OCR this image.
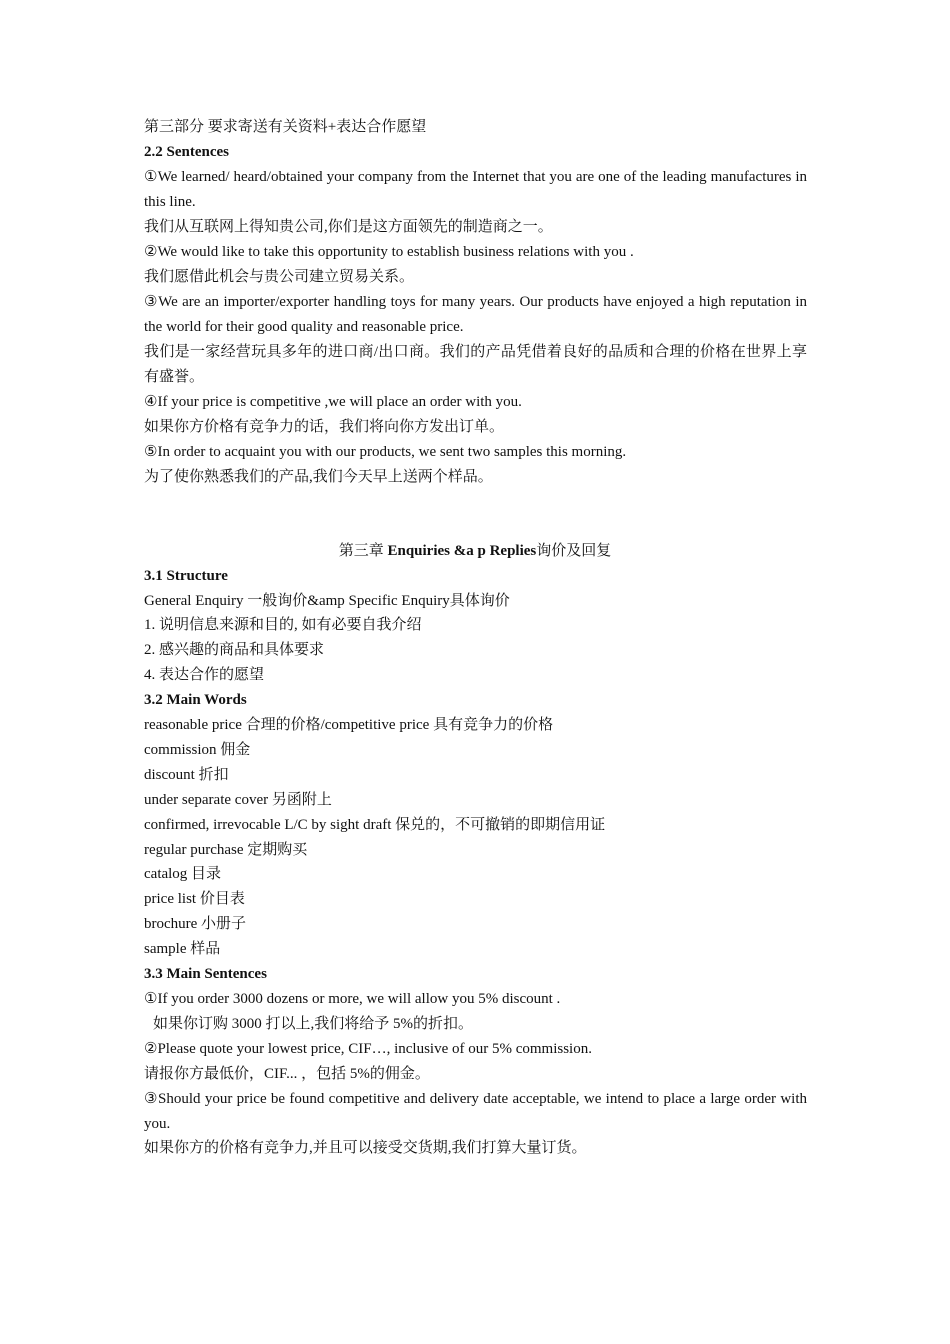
第三部分 要求寄送有关资料+表达合作愿望
2.2 Sentences
①We learned/ heard/obtained your company from the Internet that you are one of the leading manufactures in this line.
我们从互联网上得知贵公司,你们是这方面领先的制造商之一。
②We would like to take this opportunity to establish business relations with you .
我们愿借此机会与贵公司建立贸易关系。
③We are an importer/exporter handling toys for many years. Our products have enjoyed a high reputation in the world for their good quality and reasonable price.
我们是一家经营玩具多年的进口商/出口商。我们的产品凭借着良好的品质和合理的价格在世界上享有盛誉。
④If your price is competitive ,we will place an order with you.
如果你方价格有竞争力的话，我们将向你方发出订单。
⑤In order to acquaint you with our products, we sent two samples this morning.
为了使你熟悉我们的产品,我们今天早上送两个样品。
第三章 Enquiries &a p Replies询价及回复
3.1 Structure
General Enquiry 一般询价&amp Specific Enquiry具体询价
1. 说明信息来源和目的, 如有必要自我介绍
2. 感兴趣的商品和具体要求
4. 表达合作的愿望
3.2 Main Words
reasonable price 合理的价格/competitive price 具有竞争力的价格
commission 佣金
discount 折扣
under separate cover 另函附上
confirmed, irrevocable L/C by sight draft 保兑的，不可撤销的即期信用证
regular purchase 定期购买
catalog 目录
price list 价目表
brochure 小册子
sample 样品
3.3 Main Sentences
①If you order 3000 dozens or more, we will allow you 5% discount .
如果你订购 3000 打以上,我们将给予 5%的折扣。
②Please quote your lowest price, CIF…, inclusive of our 5% commission.
请报你方最低价，CIF... ，包括 5%的佣金。
③Should your price be found competitive and delivery date acceptable, we intend to place a large order with you.
如果你方的价格有竞争力,并且可以接受交货期,我们打算大量订货。
